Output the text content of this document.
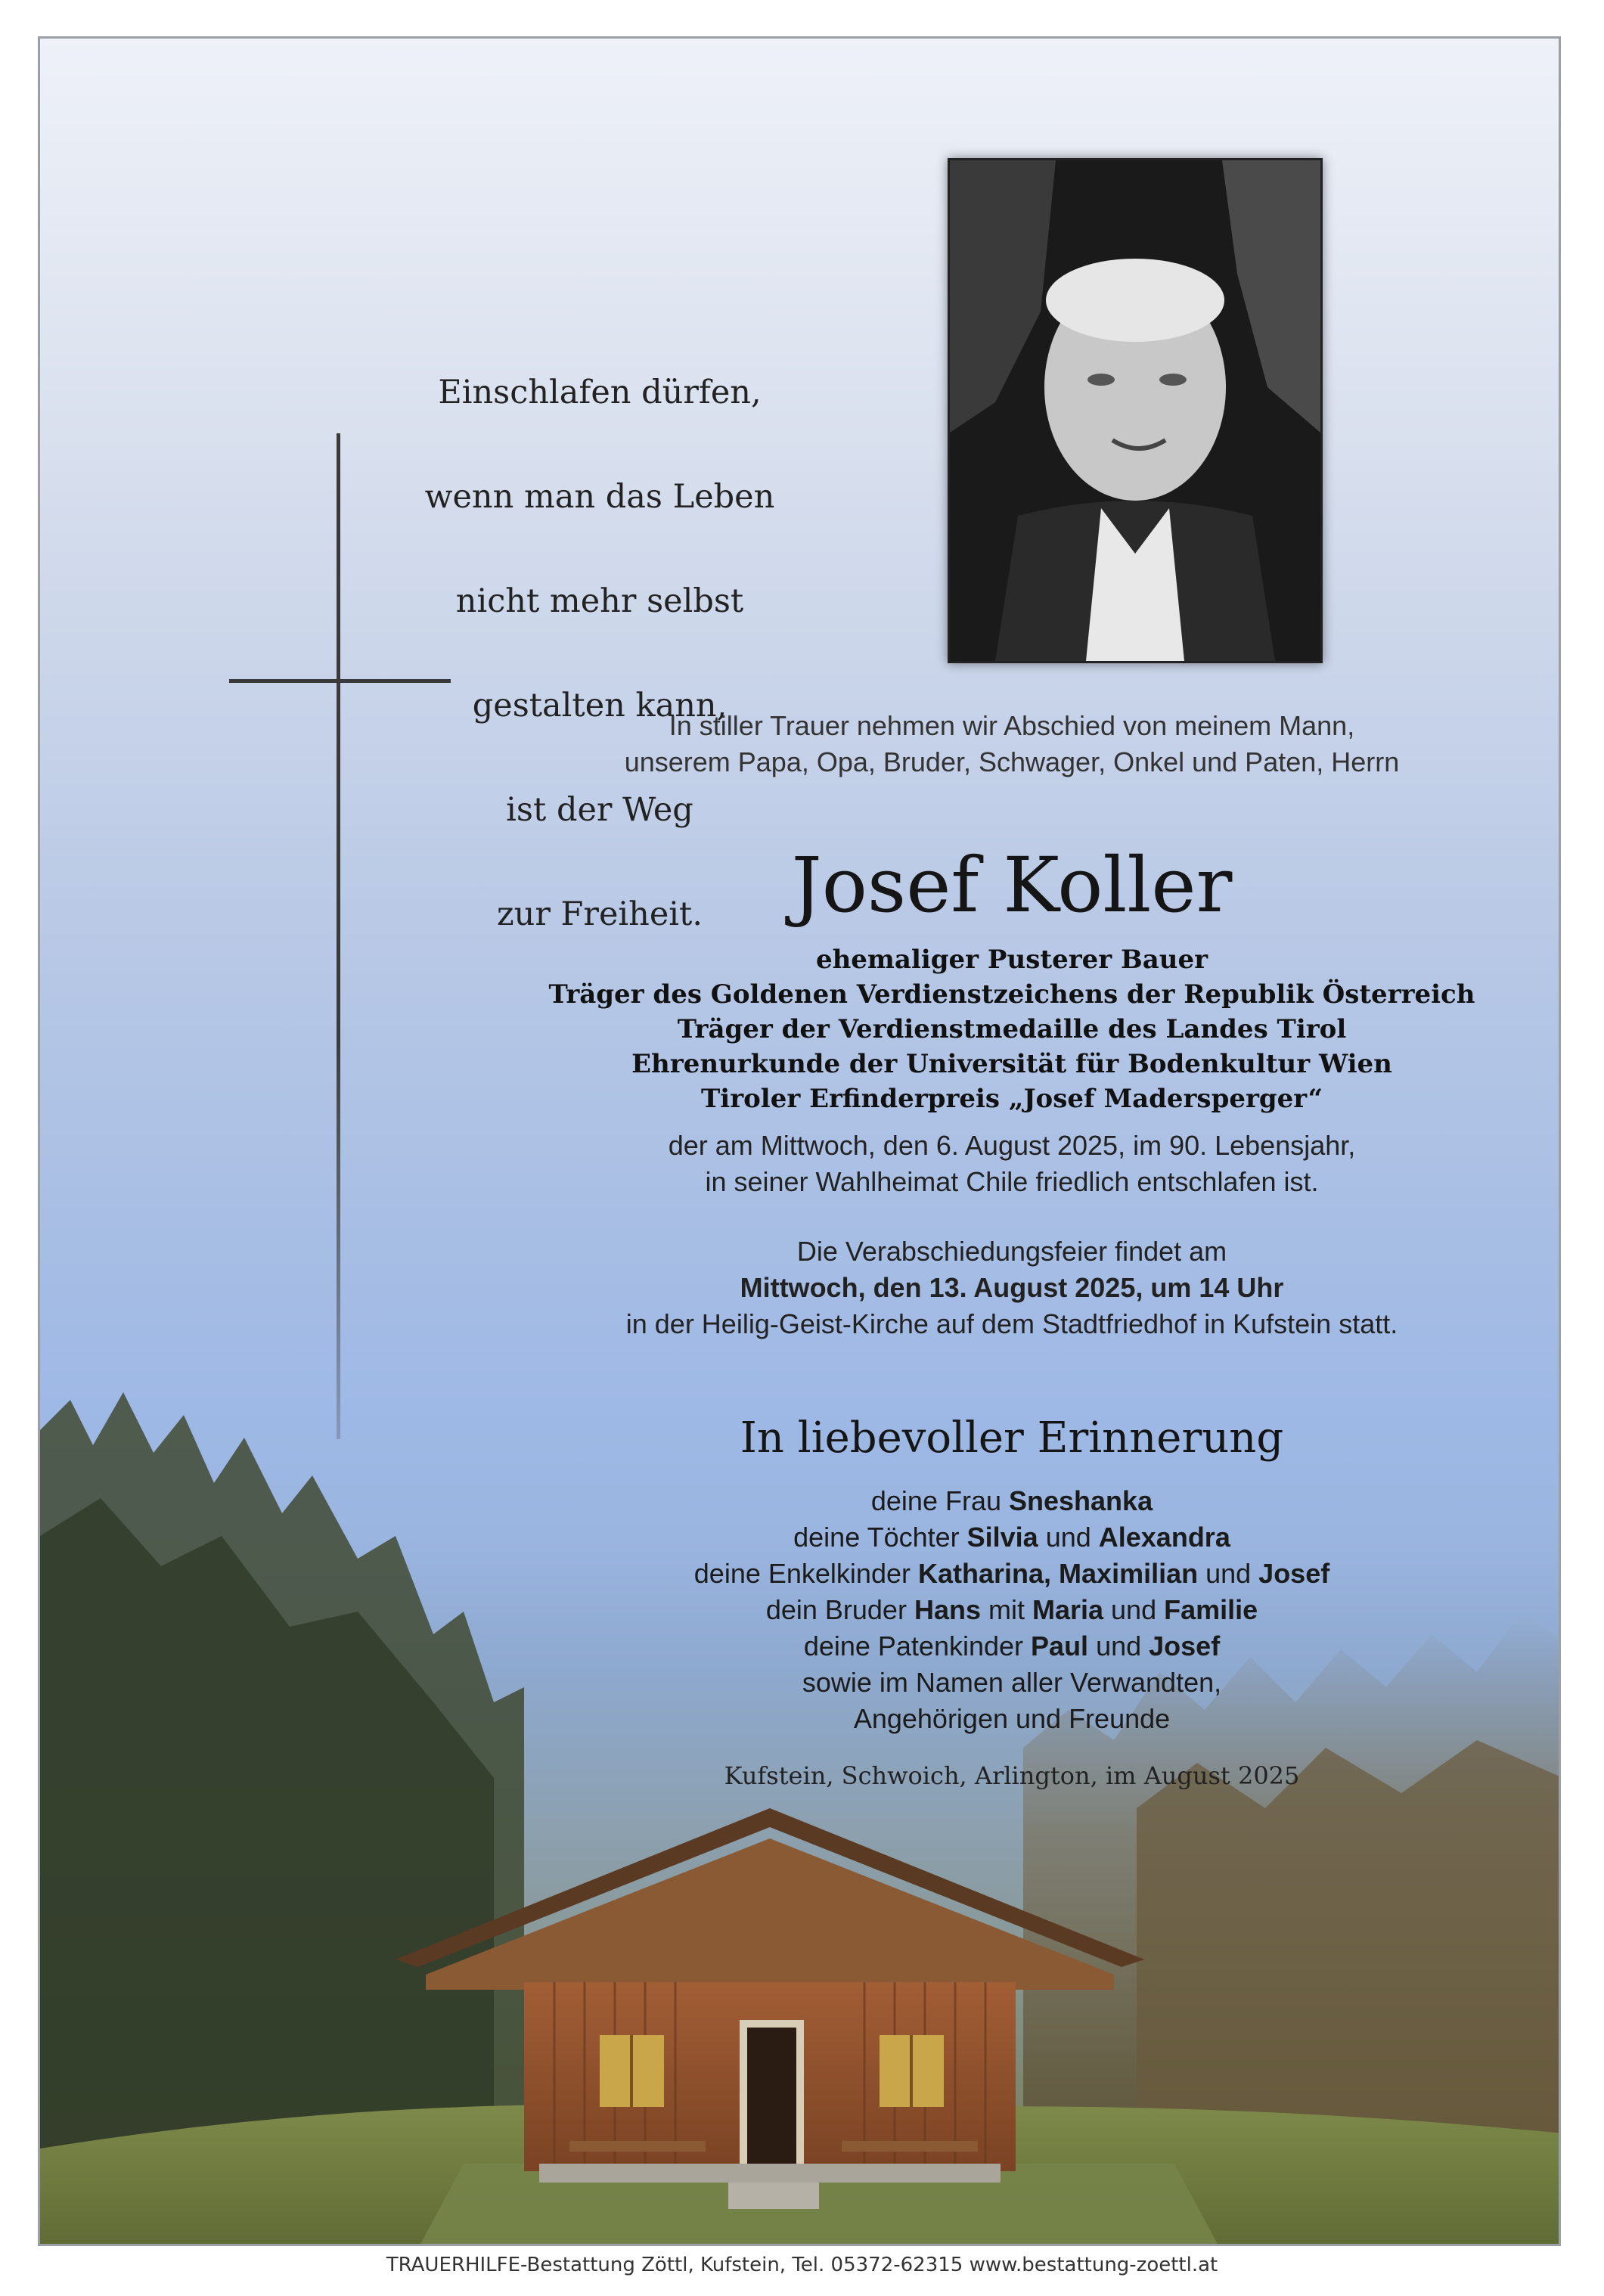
Einschlafen dürfen,

wenn man das Leben

nicht mehr selbst

gestalten kann,

ist der Weg

zur Freiheit.

In stiller Trauer nehmen wir Abschied von meinem Mann,
unserem Papa, Opa, Bruder, Schwager, Onkel und Paten, Herrn
Josef Koller
ehemaliger Pusterer Bauer
Träger des Goldenen Verdienstzeichens der Republik Österreich
Träger der Verdienstmedaille des Landes Tirol
Ehrenurkunde der Universität für Bodenkultur Wien
Tiroler Erfinderpreis „Josef Madersperger“
der am Mittwoch, den 6. August 2025, im 90. Lebensjahr,
in seiner Wahlheimat Chile friedlich entschlafen ist.
Die Verabschiedungsfeier findet am
Mittwoch, den 13. August 2025, um 14 Uhr
in der Heilig-Geist-Kirche auf dem Stadtfriedhof in Kufstein statt.
In liebevoller Erinnerung
deine Frau Sneshanka
deine Töchter Silvia und Alexandra
deine Enkelkinder Katharina, Maximilian und Josef
dein Bruder Hans mit Maria und Familie
deine Patenkinder Paul und Josef
sowie im Namen aller Verwandten,
Angehörigen und Freunde
Kufstein, Schwoich, Arlington, im August 2025
TRAUERHILFE-Bestattung Zöttl, Kufstein, Tel. 05372-62315 www.bestattung-zoettl.at
